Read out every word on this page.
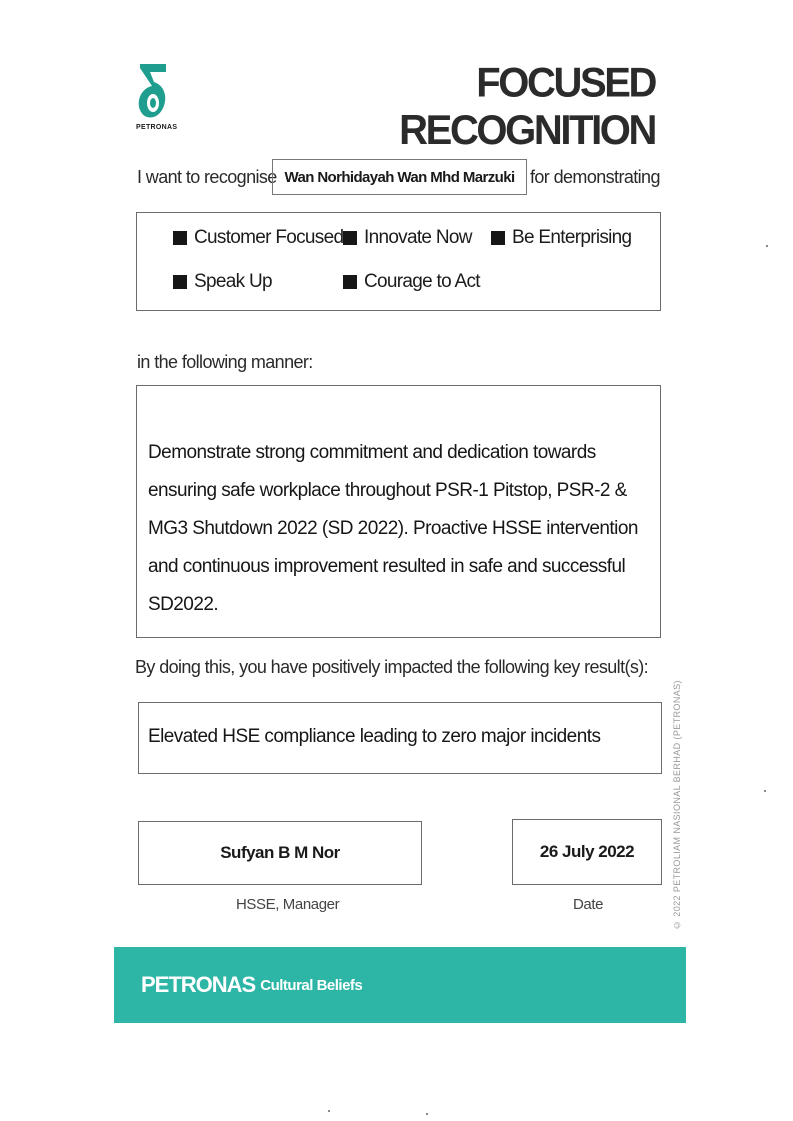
PETRONAS
FOCUSED RECOGNITION
I want to recognise Wan Norhidayah Wan Mhd Marzuki for demonstrating
Customer Focused Innovate Now Be Enterprising
Speak Up	Courage to Act
in the following manner:
Demonstrate strong commitment and dedication towards ensuring safe workplace throughout PSR-1 Pitstop, PSR-2 & MG3 Shutdown 2022 (SD 2022). Proactive HSSE intervention and continuous improvement resulted in safe and successful SD2022.
By doing this, you have positively impacted the following key result(s):
Elevated HSE compliance leading to zero major incidents
Sufyan B M Nor
HSSE, Manager
26 July 2022
Date
PETRONAS Cultural Beliefs
© 2022 PETROLIAM NASIONAL BERHAD (PETRONAS)
